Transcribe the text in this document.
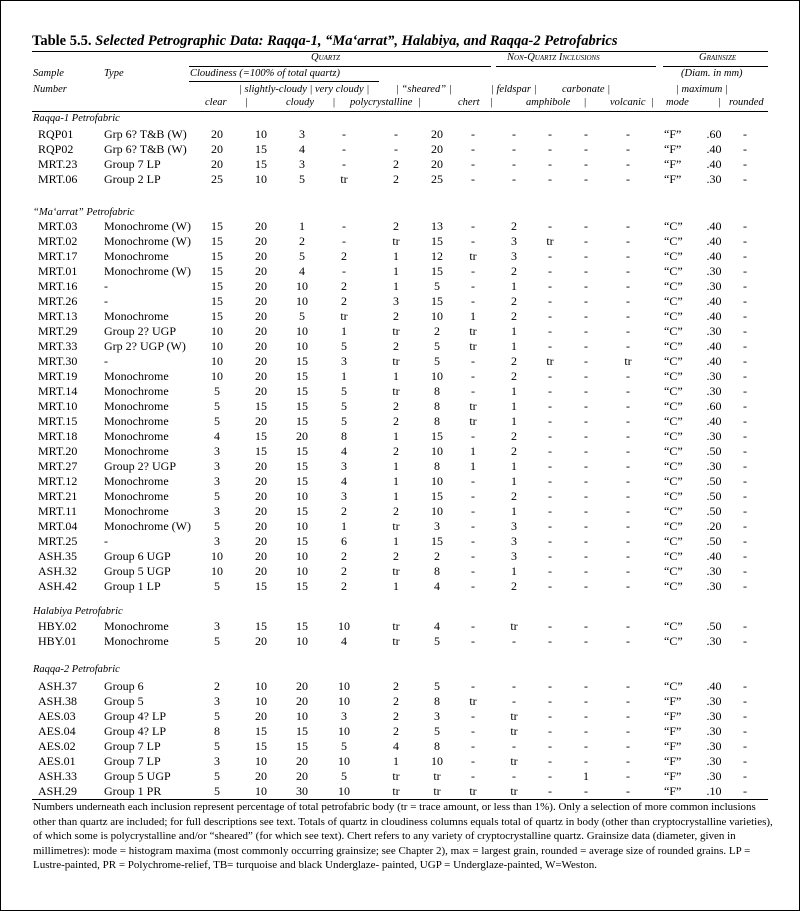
Table 5.5. Selected Petrographic Data: Raqqa-1, “Ma‘arrat”, Halabiya, and Raqqa-2 Petrofabrics
Quartz	Non-Quartz Inclusions	Grainsize
Sample	Type	Cloudiness (=100% of total quartz)	(Diam. in mm)
Number	| slightly-cloudy | very cloudy |	| “sheared” |	| feldspar | carbonate |	| maximum |
clear       |	cloudy       | polycrystalline  |	chert    |	amphibole     | volcanic  | mode           | rounded
Raqqa-1 Petrofabric
RQP01	Grp 6? T&B (W)	20	10	3	-	-	20	-	-	-	-	-	“F”	.60	-
RQP02	Grp 6? T&B (W)	20	15	4	-	-	20	-	-	-	-	-	“F”	.40	-
MRT.23 Group 7 LP	20	15	3	-	2	20	-	-	-	-	-	“F”	.40	-
MRT.06 Group 2 LP	25	10	5	tr	2	25	-	-	-	-	-	“F”	.30	-
“Ma‘arrat” Petrofabric
MRT.03 Monochrome (W)	15	20	1	-	2	13	-	2	-	-	-	“C”	.40	-
MRT.02 Monochrome (W)	15	20	2	-	tr	15	-	3	tr	-	-	“C”	.40	-
MRT.17 Monochrome	15	20	5	2	1	12	tr	3	-	-	-	“C”	.40	-
MRT.01 Monochrome (W)	15	20	4	-	1	15	-	2	-	-	-	“C”	.30	-
MRT.16 -	15	20	10	2	1	5	-	1	-	-	-	“C”	.30	-
MRT.26 -	15	20	10	2	3	15	-	2	-	-	-	“C”	.40	-
MRT.13 Monochrome	15	20	5	tr	2	10	1	2	-	-	-	“C”	.40	-
MRT.29 Group 2? UGP	10	20	10	1	tr	2	tr	1	-	-	-	“C”	.30	-
MRT.33 Grp 2? UGP (W)	10	20	10	5	2	5	tr	1	-	-	-	“C”	.40	-
MRT.30 -	10	20	15	3	tr	5	-	2	tr	-	tr	“C”	.40	-
MRT.19 Monochrome	10	20	15	1	1	10	-	2	-	-	-	“C”	.30	-
MRT.14 Monochrome	5	20	15	5	tr	8	-	1	-	-	-	“C”	.30	-
MRT.10 Monochrome	5	15	15	5	2	8	tr	1	-	-	-	“C”	.60	-
MRT.15 Monochrome	5	20	15	5	2	8	tr	1	-	-	-	“C”	.40	-
MRT.18 Monochrome	4	15	20	8	1	15	-	2	-	-	-	“C”	.30	-
MRT.20 Monochrome	3	15	15	4	2	10	1	2	-	-	-	“C”	.50	-
MRT.27 Group 2? UGP	3	20	15	3	1	8	1	1	-	-	-	“C”	.30	-
MRT.12 Monochrome	3	20	15	4	1	10	-	1	-	-	-	“C”	.50	-
MRT.21 Monochrome	5	20	10	3	1	15	-	2	-	-	-	“C”	.50	-
MRT.11 Monochrome	3	20	15	2	2	10	-	1	-	-	-	“C”	.50	-
MRT.04 Monochrome (W)	5	20	10	1	tr	3	-	3	-	-	-	“C”	.20	-
MRT.25 -	3	20	15	6	1	15	-	3	-	-	-	“C”	.50	-
ASH.35 Group 6 UGP	10	20	10	2	2	2	-	3	-	-	-	“C”	.40	-
ASH.32 Group 5 UGP	10	20	10	2	tr	8	-	1	-	-	-	“C”	.30	-
ASH.42 Group 1 LP	5	15	15	2	1	4	-	2	-	-	-	“C”	.30	-
Halabiya Petrofabric
HBY.02 Monochrome	3	15	15	10	tr	4	-	tr	-	-	-	“C”	.50	-
HBY.01 Monochrome	5	20	10	4	tr	5	-	-	-	-	-	“C”	.30	-
Raqqa-2 Petrofabric
ASH.37 Group 6	2	10	20	10	2	5	-	-	-	-	-	“C”	.40	-
ASH.38 Group 5	3	10	20	10	2	8	tr	-	-	-	-	“F”	.30	-
AES.03 Group 4? LP	5	20	10	3	2	3	-	tr	-	-	-	“F”	.30	-
AES.04 Group 4? LP	8	15	15	10	2	5	-	tr	-	-	-	“F”	.30	-
AES.02 Group 7 LP	5	15	15	5	4	8	-	-	-	-	-	“F”	.30	-
AES.01 Group 7 LP	3	10	20	10	1	10	-	tr	-	-	-	“F”	.30	-
ASH.33 Group 5 UGP	5	20	20	5	tr	tr	-	-	-	1	-	“F”	.30	-
ASH.29 Group 1 PR	5	10	30	10	tr	tr	tr	tr	-	-	-	“F”	.10	-
Numbers underneath each inclusion represent percentage of total petrofabric body (tr = trace amount, or less than 1%). Only a selection of more common inclusions other than quartz are included; for full descriptions see text. Totals of quartz in cloudiness columns equals total of quartz in body (other than cryptocrystalline varieties), of which some is polycrystalline and/or “sheared” (for which see text). Chert refers to any variety of cryptocrystalline quartz. Grainsize data (diameter, given in millimetres): mode = histogram maxima (most commonly occurring grainsize; see Chapter 2), max = largest grain, rounded = average size of rounded grains. LP = Lustre-painted, PR = Polychrome-relief, TB= turquoise and black Underglaze- painted, UGP = Underglaze-painted, W=Weston.
